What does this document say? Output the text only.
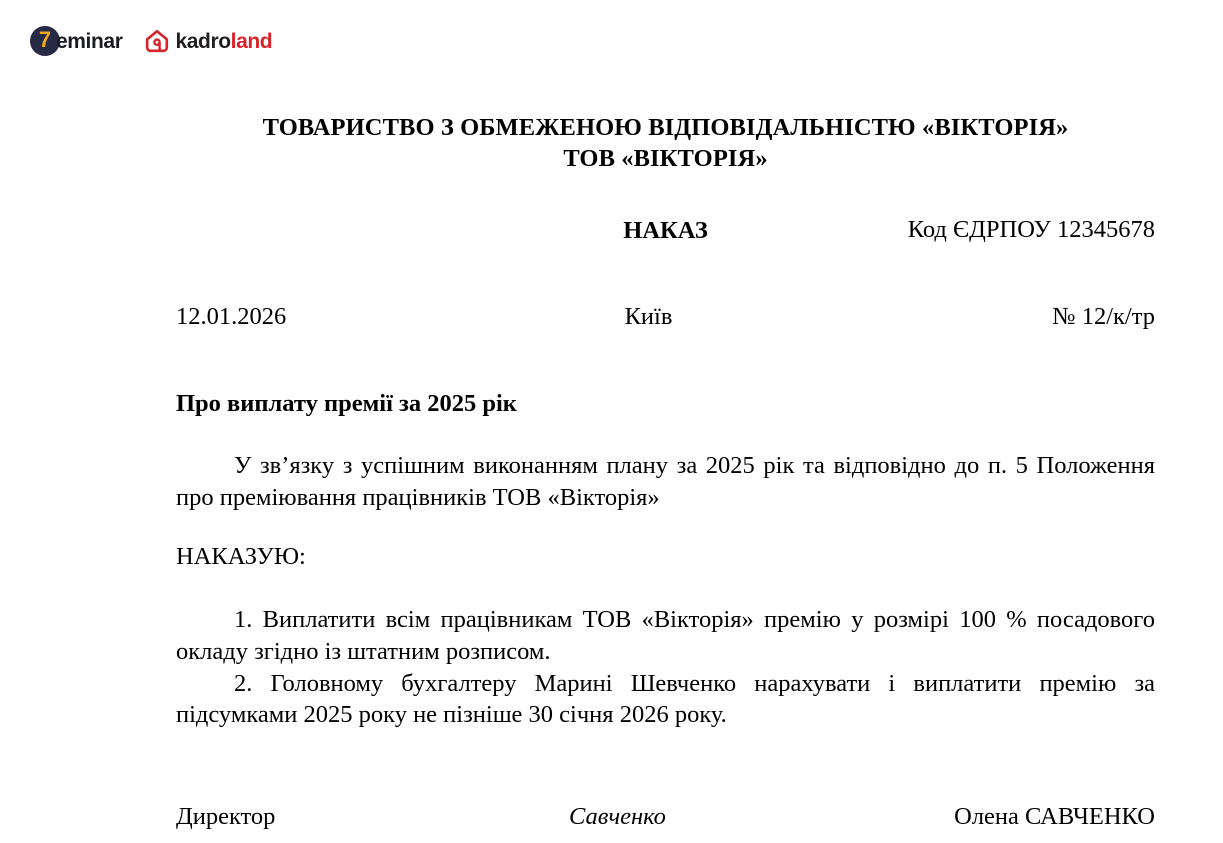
7 eminar	kadroland
ТОВАРИСТВО З ОБМЕЖЕНОЮ ВІДПОВІДАЛЬНІСТЮ «ВІКТОРІЯ»
ТОВ «ВІКТОРІЯ»
Код ЄДРПОУ 12345678
НАКАЗ
12.01.2026	Київ	№ 12/к/тр
Про виплату премії за 2025 рік
У зв’язку з успішним виконанням плану за 2025 рік та відповідно до п. 5 Положення про преміювання працівників ТОВ «Вікторія»
НАКАЗУЮ:
1. Виплатити всім працівникам ТОВ «Вікторія» премію у розмірі 100 % посадового окладу згідно із штатним розписом.
2. Головному бухгалтеру Марині Шевченко нарахувати і виплатити премію за підсумками 2025 року не пізніше 30 січня 2026 року.
Директор	Савченко	Олена САВЧЕНКО
